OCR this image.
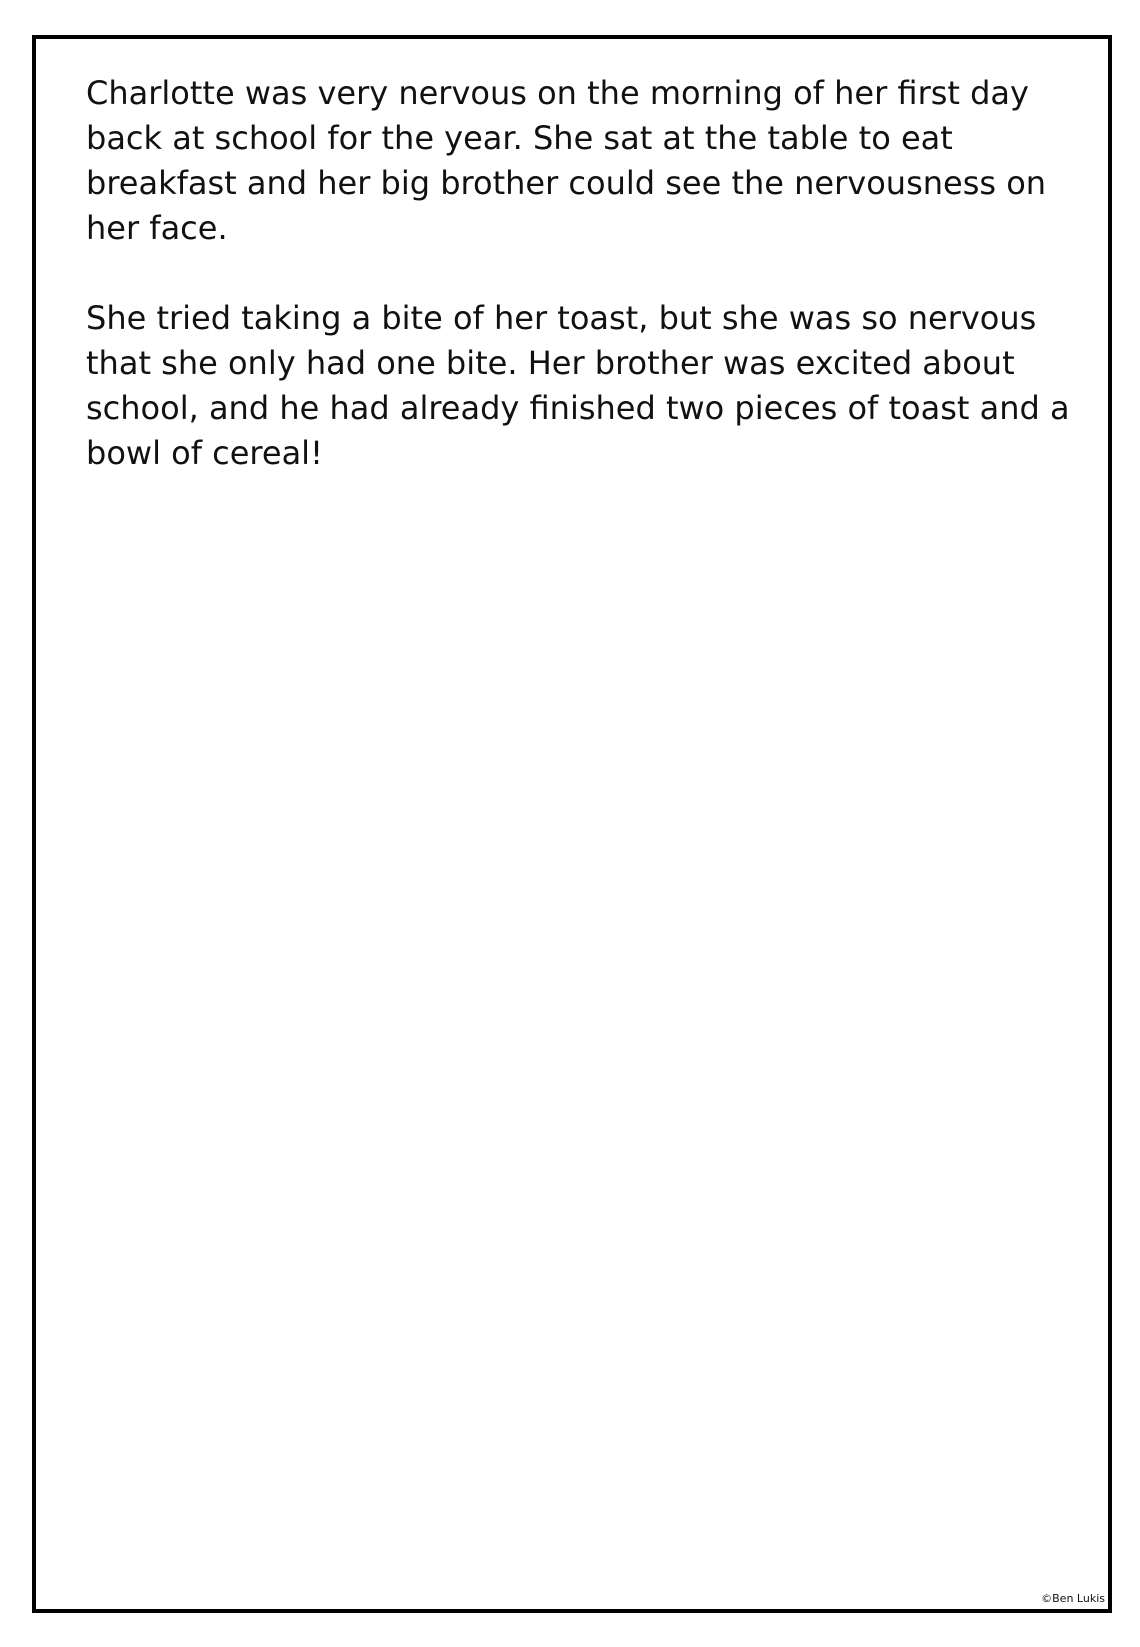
Charlotte was very nervous on the morning of her first day
back at school for the year. She sat at the table to eat
breakfast and her big brother could see the nervousness on
her face.

She tried taking a bite of her toast, but she was so nervous
that she only had one bite. Her brother was excited about
school, and he had already finished two pieces of toast and a
bowl of cereal!

©Ben Lukis
